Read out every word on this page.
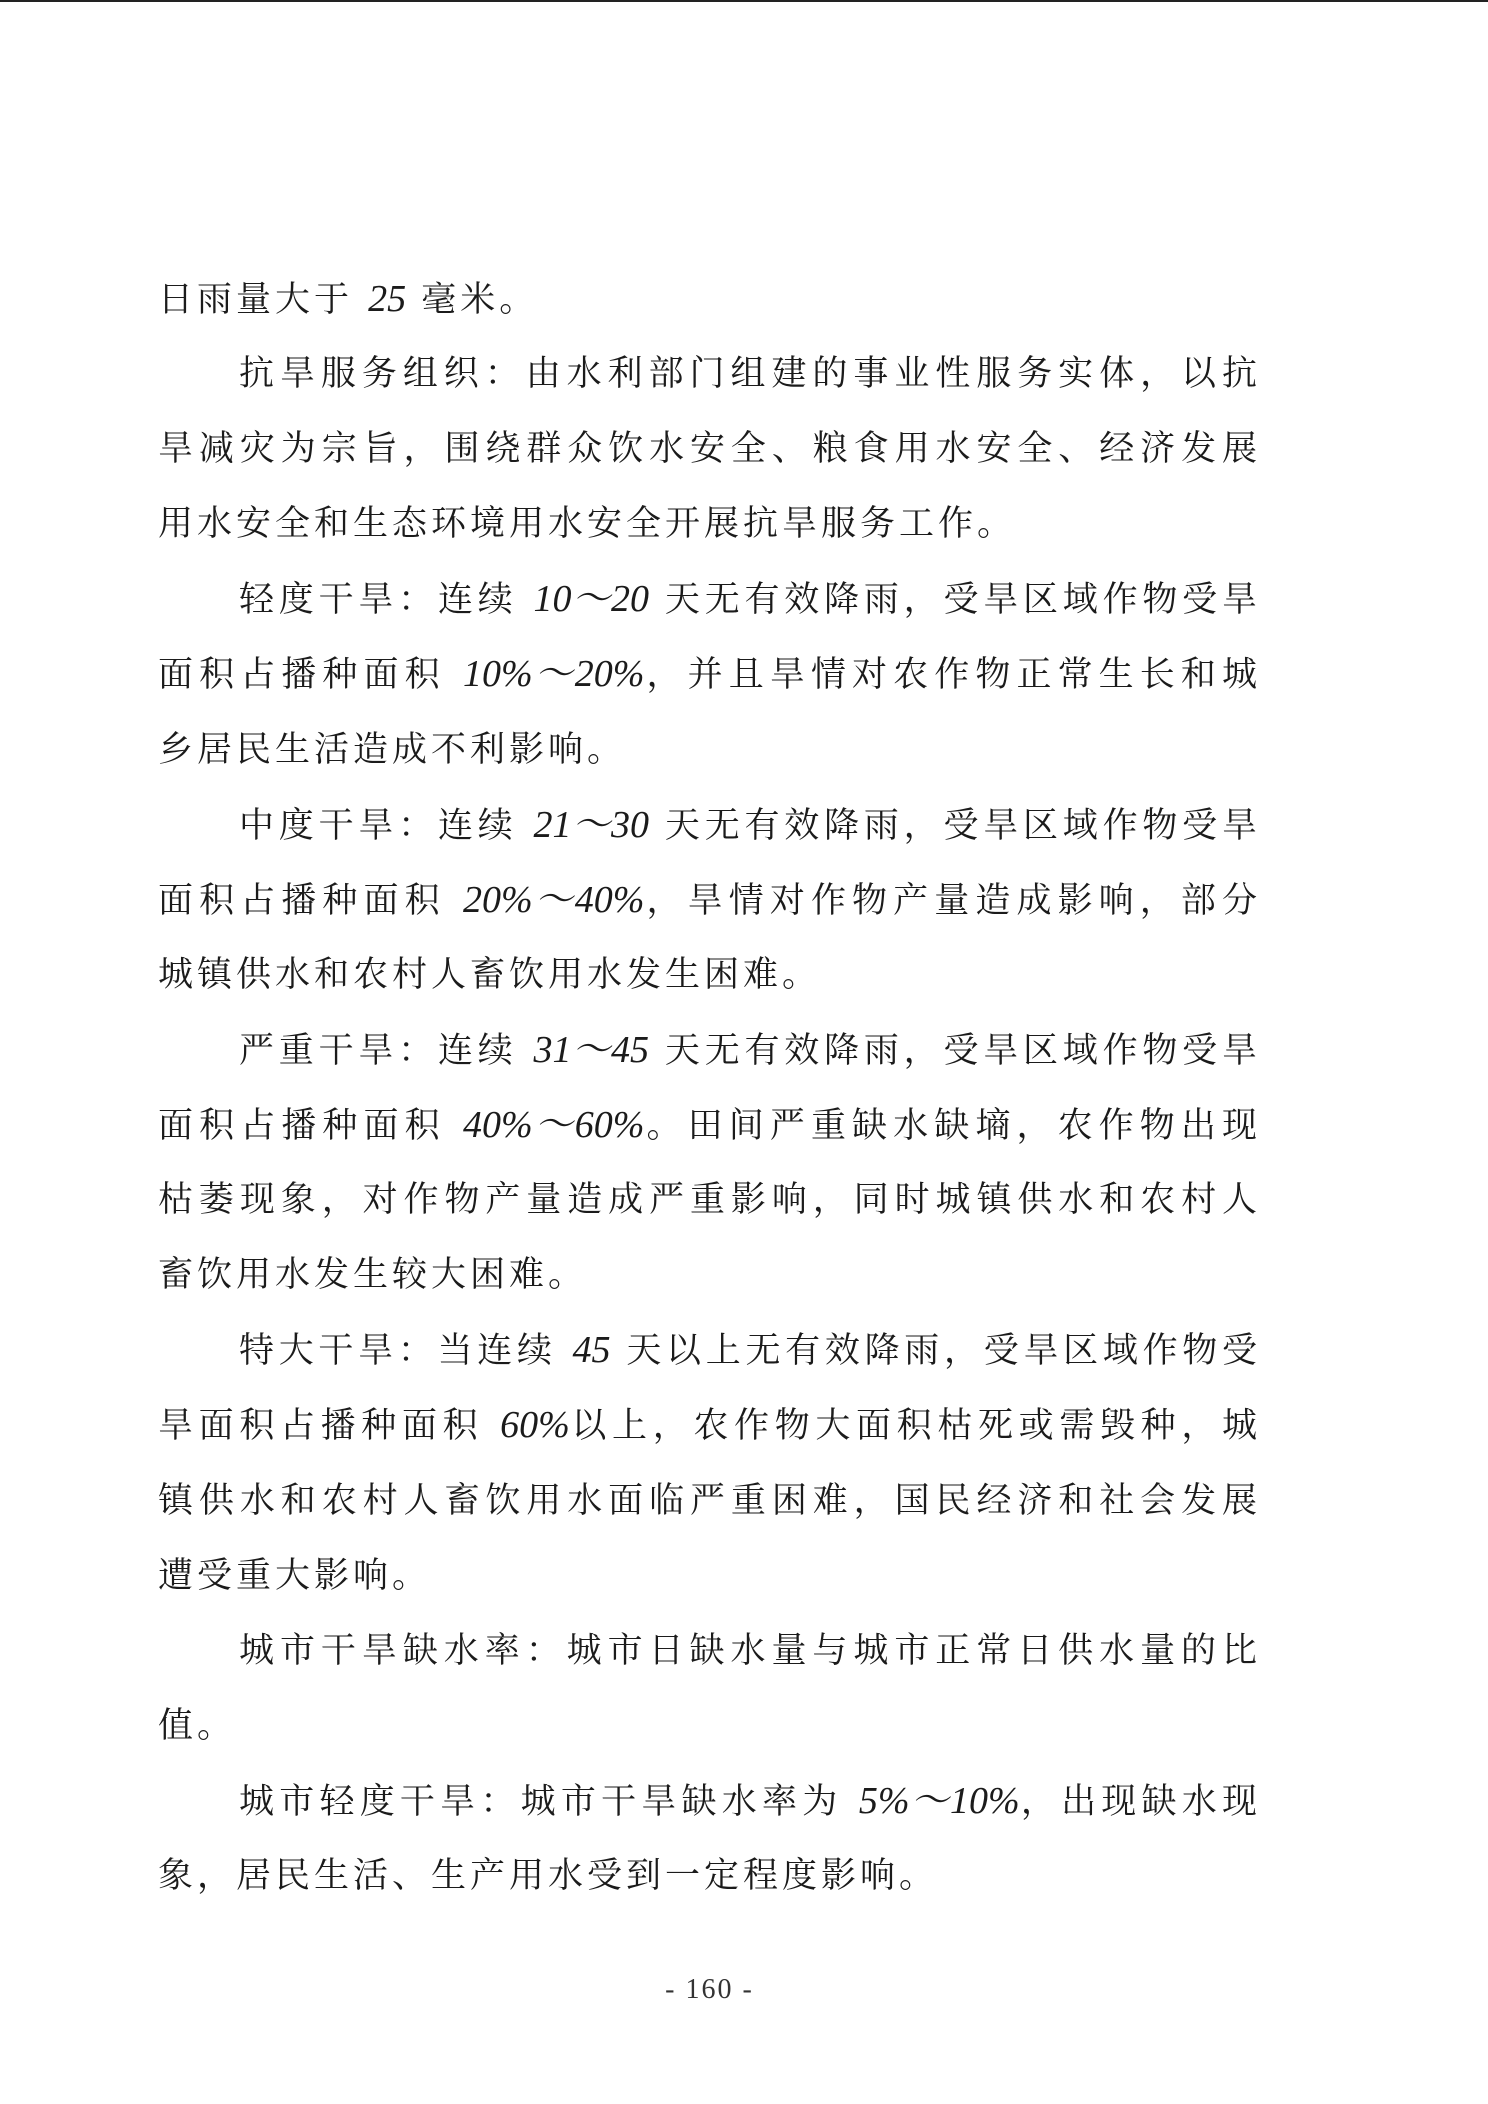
日雨量大于 25 毫米。
抗旱服务组织：由水利部门组建的事业性服务实体，以抗
旱减灾为宗旨，围绕群众饮水安全、粮食用水安全、经济发展
用水安全和生态环境用水安全开展抗旱服务工作。
轻度干旱：连续 10～20 天无有效降雨，受旱区域作物受旱
面积占播种面积 10%～20%，并且旱情对农作物正常生长和城
乡居民生活造成不利影响。
中度干旱：连续 21～30 天无有效降雨，受旱区域作物受旱
面积占播种面积 20%～40%，旱情对作物产量造成影响，部分
城镇供水和农村人畜饮用水发生困难。
严重干旱：连续 31～45 天无有效降雨，受旱区域作物受旱
面积占播种面积 40%～60%。田间严重缺水缺墒，农作物出现
枯萎现象，对作物产量造成严重影响，同时城镇供水和农村人
畜饮用水发生较大困难。
特大干旱：当连续 45 天以上无有效降雨，受旱区域作物受
旱面积占播种面积 60%以上，农作物大面积枯死或需毁种，城
镇供水和农村人畜饮用水面临严重困难，国民经济和社会发展
遭受重大影响。
城市干旱缺水率：城市日缺水量与城市正常日供水量的比
值。
城市轻度干旱：城市干旱缺水率为 5%～10%，出现缺水现
象，居民生活、生产用水受到一定程度影响。
- 160 -
